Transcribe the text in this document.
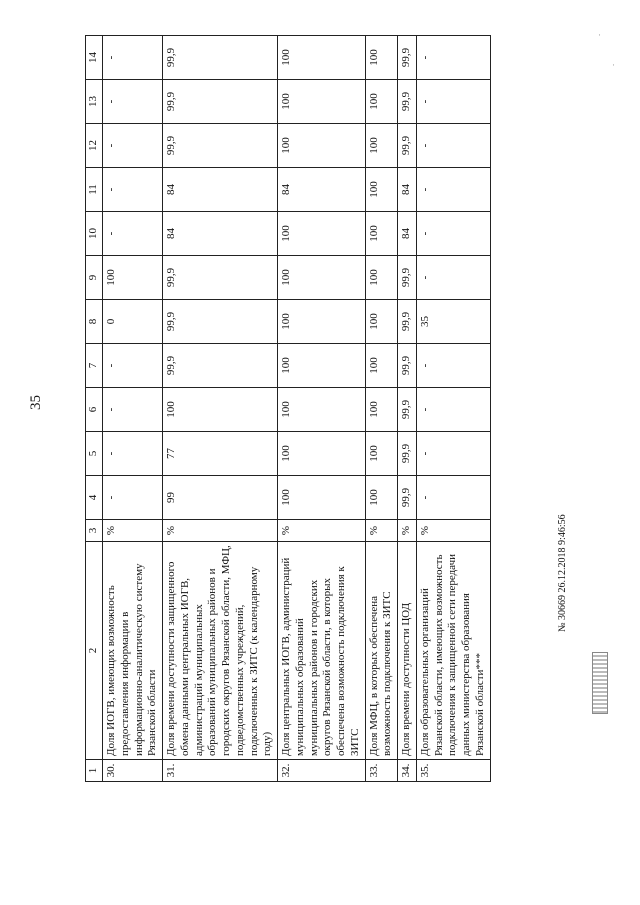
35
1	2	3	4	5	6	7	8	9	10	11	12	13	14
30.	Доля ИОГВ, имеющих возможность предоставления информации в информационно-аналитическую систему Рязанской области	%	-	-	-	-	0	100	-	-	-	-	-
31.	Доля времени доступности защищенного обмена данными центральных ИОГВ, администраций муниципальных образований муниципальных районов и городских округов Рязанской области, МФЦ, подведомственных учреждений, подключенных к ЗИТС (к календарному году)	%	99	77	100	99,9	99,9	99,9	84	84	99,9	99,9	99,9
32.	Доля центральных ИОГВ, администраций муниципальных образований муниципальных районов и городских округов Рязанской области, в которых обеспечена возможность подключения к ЗИТС	%	100	100	100	100	100	100	100	84	100	100	100
33.	Доля МФЦ, в которых обеспечена возможность подключения к ЗИТС	%	100	100	100	100	100	100	100	100	100	100	100
34.	Доля времени доступности ЦОД	%	99,9	99,9	99,9	99,9	99,9	99,9	84	84	99,9	99,9	99,9
35.	Доля образовательных организаций Рязанской области, имеющих возможность подключения к защищенной сети передачи данных министерства образования Рязанской области***	%	-	-	-	-	35	-	-	-	-	-	-
№ 30669 26.12.2018 9:46:56
·
·
